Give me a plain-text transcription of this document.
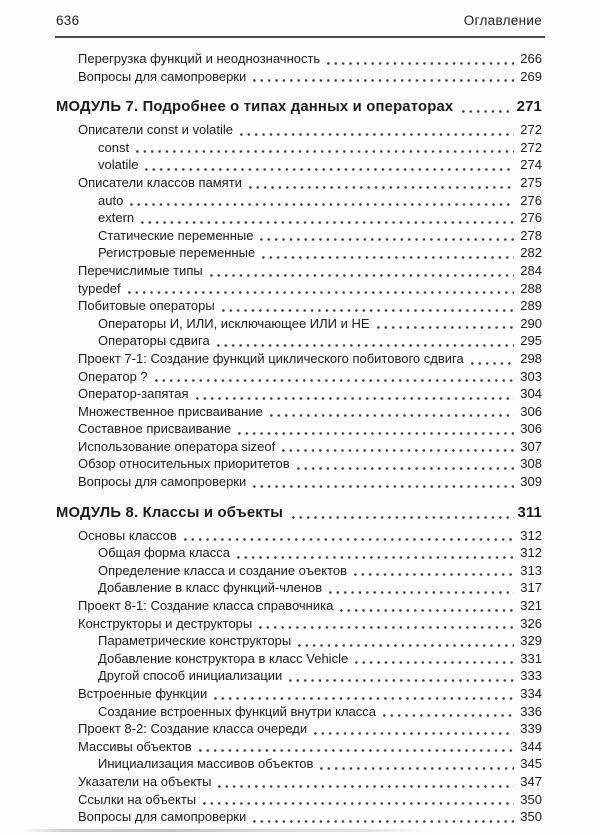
636	Оглавление
Перегрузка функций и неоднозначность	266
Вопросы для самопроверки	269
МОДУЛЬ 7. Подробнее о типах данных и операторах	271
Описатели const и volatile	272
const	272
volatile	274
Описатели классов памяти	275
auto	276
extern	276
Статические переменные	278
Регистровые переменные	282
Перечислимые типы	284
typedef	288
Побитовые операторы	289
Операторы И, ИЛИ, исключающее ИЛИ и НЕ	290
Операторы сдвига	295
Проект 7-1: Создание функций циклического побитового сдвига	298
Оператор ?	303
Оператор-запятая	304
Множественное присваивание	306
Составное присваивание	306
Использование оператора sizeof	307
Обзор относительных приоритетов	308
Вопросы для самопроверки	309
МОДУЛЬ 8. Классы и объекты	311
Основы классов	312
Общая форма класса	312
Определение класса и создание оъектов	313
Добавление в класс функций-членов	317
Проект 8-1: Создание класса справочника	321
Конструкторы и деструкторы	326
Параметрические конструкторы	329
Добавление конструктора в класс Vehicle	331
Другой способ инициализации	333
Встроенные функции	334
Создание встроенных функций внутри класса	336
Проект 8-2: Создание класса очереди	339
Массивы объектов	344
Инициализация массивов объектов	345
Указатели на объекты	347
Ссылки на объекты	350
Вопросы для самопроверки	350
